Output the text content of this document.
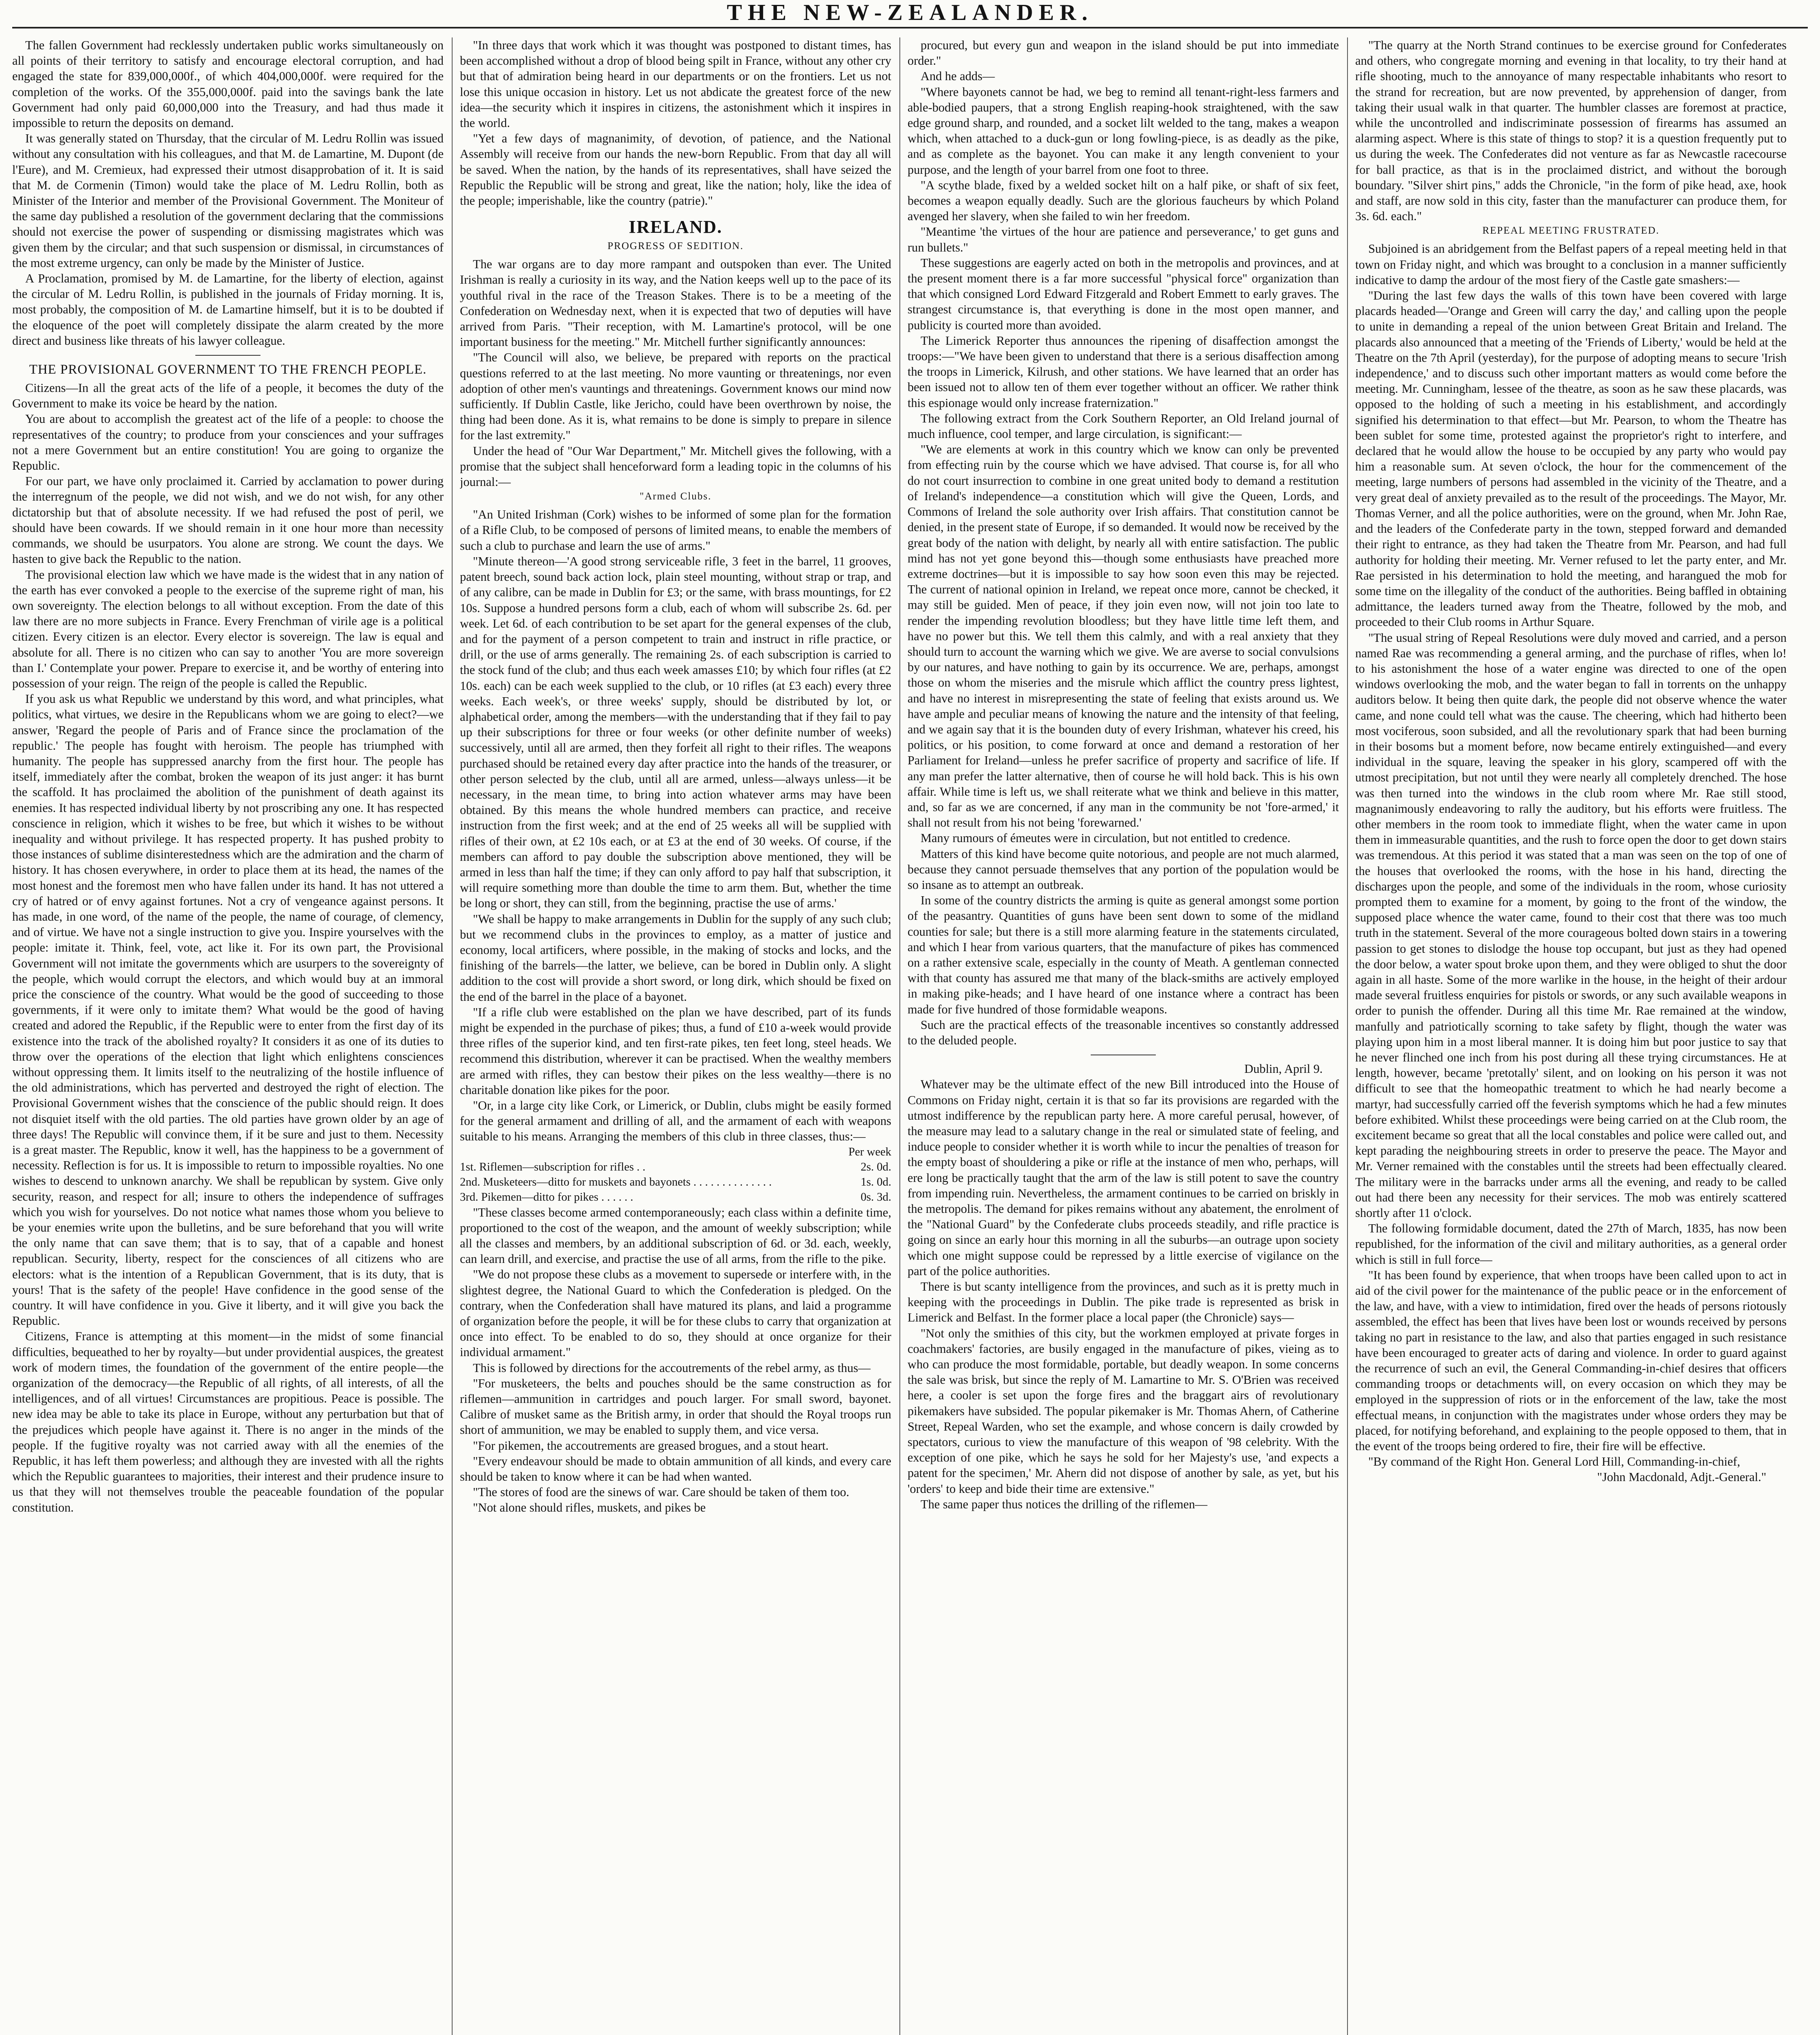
THE NEW-ZEALANDER.

The fallen Government had recklessly undertaken public works simultaneously on all points of their territory to satisfy and encourage electoral corruption, and had engaged the state for 839,000,000f., of which 404,000,000f. were required for the completion of the works. Of the 355,000,000f. paid into the savings bank the late Government had only paid 60,000,000 into the Treasury, and had thus made it impossible to return the deposits on demand.

It was generally stated on Thursday, that the circular of M. Ledru Rollin was issued without any consultation with his colleagues, and that M. de Lamartine, M. Dupont (de l'Eure), and M. Cremieux, had expressed their utmost disapprobation of it. It is said that M. de Cormenin (Timon) would take the place of M. Ledru Rollin, both as Minister of the Interior and member of the Provisional Government. The Moniteur of the same day published a resolution of the government declaring that the commissions should not exercise the power of suspending or dismissing magistrates which was given them by the circular; and that such suspension or dismissal, in circumstances of the most extreme urgency, can only be made by the Minister of Justice.

A Proclamation, promised by M. de Lamartine, for the liberty of election, against the circular of M. Ledru Rollin, is published in the journals of Friday morning. It is, most probably, the composition of M. de Lamartine himself, but it is to be doubted if the eloquence of the poet will completely dissipate the alarm created by the more direct and business like threats of his lawyer colleague.

THE PROVISIONAL GOVERNMENT TO THE FRENCH PEOPLE.

Citizens—In all the great acts of the life of a people, it becomes the duty of the Government to make its voice be heard by the nation.

You are about to accomplish the greatest act of the life of a people: to choose the representatives of the country; to produce from your consciences and your suffrages not a mere Government but an entire constitution! You are going to organize the Republic.

For our part, we have only proclaimed it. Carried by acclamation to power during the interregnum of the people, we did not wish, and we do not wish, for any other dictatorship but that of absolute necessity. If we had refused the post of peril, we should have been cowards. If we should remain in it one hour more than necessity commands, we should be usurpators. You alone are strong. We count the days. We hasten to give back the Republic to the nation.

The provisional election law which we have made is the widest that in any nation of the earth has ever convoked a people to the exercise of the supreme right of man, his own sovereignty. The election belongs to all without exception. From the date of this law there are no more subjects in France. Every Frenchman of virile age is a political citizen. Every citizen is an elector. Every elector is sovereign. The law is equal and absolute for all. There is no citizen who can say to another 'You are more sovereign than I.' Contemplate your power. Prepare to exercise it, and be worthy of entering into possession of your reign. The reign of the people is called the Republic.

If you ask us what Republic we understand by this word, and what principles, what politics, what virtues, we desire in the Republicans whom we are going to elect?—we answer, 'Regard the people of Paris and of France since the proclamation of the republic.' The people has fought with heroism. The people has triumphed with humanity. The people has suppressed anarchy from the first hour. The people has itself, immediately after the combat, broken the weapon of its just anger: it has burnt the scaffold. It has proclaimed the abolition of the punishment of death against its enemies. It has respected individual liberty by not proscribing any one. It has respected conscience in religion, which it wishes to be free, but which it wishes to be without inequality and without privilege. It has respected property. It has pushed probity to those instances of sublime disinterestedness which are the admiration and the charm of history. It has chosen everywhere, in order to place them at its head, the names of the most honest and the foremost men who have fallen under its hand. It has not uttered a cry of hatred or of envy against fortunes. Not a cry of vengeance against persons. It has made, in one word, of the name of the people, the name of courage, of clemency, and of virtue. We have not a single instruction to give you. Inspire yourselves with the people: imitate it. Think, feel, vote, act like it. For its own part, the Provisional Government will not imitate the governments which are usurpers to the sovereignty of the people, which would corrupt the electors, and which would buy at an immoral price the conscience of the country. What would be the good of succeeding to those governments, if it were only to imitate them? What would be the good of having created and adored the Republic, if the Republic were to enter from the first day of its existence into the track of the abolished royalty? It considers it as one of its duties to throw over the operations of the election that light which enlightens consciences without oppressing them. It limits itself to the neutralizing of the hostile influence of the old administrations, which has perverted and destroyed the right of election. The Provisional Government wishes that the conscience of the public should reign. It does not disquiet itself with the old parties. The old parties have grown older by an age of three days! The Republic will convince them, if it be sure and just to them. Necessity is a great master. The Republic, know it well, has the happiness to be a government of necessity. Reflection is for us. It is impossible to return to impossible royalties. No one wishes to descend to unknown anarchy. We shall be republican by system. Give only security, reason, and respect for all; insure to others the independence of suffrages which you wish for yourselves. Do not notice what names those whom you believe to be your enemies write upon the bulletins, and be sure beforehand that you will write the only name that can save them; that is to say, that of a capable and honest republican. Security, liberty, respect for the consciences of all citizens who are electors: what is the intention of a Republican Government, that is its duty, that is yours! That is the safety of the people! Have confidence in the good sense of the country. It will have confidence in you. Give it liberty, and it will give you back the Republic.

Citizens, France is attempting at this moment—in the midst of some financial difficulties, bequeathed to her by royalty—but under providential auspices, the greatest work of modern times, the foundation of the government of the entire people—the organization of the democracy—the Republic of all rights, of all interests, of all the intelligences, and of all virtues! Circumstances are propitious. Peace is possible. The new idea may be able to take its place in Europe, without any perturbation but that of the prejudices which people have against it. There is no anger in the minds of the people. If the fugitive royalty was not carried away with all the enemies of the Republic, it has left them powerless; and although they are invested with all the rights which the Republic guarantees to majorities, their interest and their prudence insure to us that they will not themselves trouble the peaceable foundation of the popular constitution.

"In three days that work which it was thought was postponed to distant times, has been accomplished without a drop of blood being spilt in France, without any other cry but that of admiration being heard in our departments or on the frontiers. Let us not lose this unique occasion in history. Let us not abdicate the greatest force of the new idea—the security which it inspires in citizens, the astonishment which it inspires in the world.

"Yet a few days of magnanimity, of devotion, of patience, and the National Assembly will receive from our hands the new-born Republic. From that day all will be saved. When the nation, by the hands of its representatives, shall have seized the Republic the Republic will be strong and great, like the nation; holy, like the idea of the people; imperishable, like the country (patrie)."

IRELAND.
PROGRESS OF SEDITION.

The war organs are to day more rampant and outspoken than ever. The United Irishman is really a curiosity in its way, and the Nation keeps well up to the pace of its youthful rival in the race of the Treason Stakes. There is to be a meeting of the Confederation on Wednesday next, when it is expected that two of deputies will have arrived from Paris. "Their reception, with M. Lamartine's protocol, will be one important business for the meeting." Mr. Mitchell further significantly announces:

"The Council will also, we believe, be prepared with reports on the practical questions referred to at the last meeting. No more vaunting or threatenings, nor even adoption of other men's vauntings and threatenings. Government knows our mind now sufficiently. If Dublin Castle, like Jericho, could have been overthrown by noise, the thing had been done. As it is, what remains to be done is simply to prepare in silence for the last extremity."

Under the head of "Our War Department," Mr. Mitchell gives the following, with a promise that the subject shall henceforward form a leading topic in the columns of his journal:—

"Armed Clubs.

"An United Irishman (Cork) wishes to be informed of some plan for the formation of a Rifle Club, to be composed of persons of limited means, to enable the members of such a club to purchase and learn the use of arms."

"Minute thereon—'A good strong serviceable rifle, 3 feet in the barrel, 11 grooves, patent breech, sound back action lock, plain steel mounting, without strap or trap, and of any calibre, can be made in Dublin for £3; or the same, with brass mountings, for £2 10s. Suppose a hundred persons form a club, each of whom will subscribe 2s. 6d. per week. Let 6d. of each contribution to be set apart for the general expenses of the club, and for the payment of a person competent to train and instruct in rifle practice, or drill, or the use of arms generally. The remaining 2s. of each subscription is carried to the stock fund of the club; and thus each week amasses £10; by which four rifles (at £2 10s. each) can be each week supplied to the club, or 10 rifles (at £3 each) every three weeks. Each week's, or three weeks' supply, should be distributed by lot, or alphabetical order, among the members—with the understanding that if they fail to pay up their subscriptions for three or four weeks (or other definite number of weeks) successively, until all are armed, then they forfeit all right to their rifles. The weapons purchased should be retained every day after practice into the hands of the treasurer, or other person selected by the club, until all are armed, unless—always unless—it be necessary, in the mean time, to bring into action whatever arms may have been obtained. By this means the whole hundred members can practice, and receive instruction from the first week; and at the end of 25 weeks all will be supplied with rifles of their own, at £2 10s each, or at £3 at the end of 30 weeks. Of course, if the members can afford to pay double the subscription above mentioned, they will be armed in less than half the time; if they can only afford to pay half that subscription, it will require something more than double the time to arm them. But, whether the time be long or short, they can still, from the beginning, practise the use of arms.'

"We shall be happy to make arrangements in Dublin for the supply of any such club; but we recommend clubs in the provinces to employ, as a matter of justice and economy, local artificers, where possible, in the making of stocks and locks, and the finishing of the barrels—the latter, we believe, can be bored in Dublin only. A slight addition to the cost will provide a short sword, or long dirk, which should be fixed on the end of the barrel in the place of a bayonet.

"If a rifle club were established on the plan we have described, part of its funds might be expended in the purchase of pikes; thus, a fund of £10 a-week would provide three rifles of the superior kind, and ten first-rate pikes, ten feet long, steel heads. We recommend this distribution, wherever it can be practised. When the wealthy members are armed with rifles, they can bestow their pikes on the less wealthy—there is no charitable donation like pikes for the poor.

"Or, in a large city like Cork, or Limerick, or Dublin, clubs might be easily formed for the general armament and drilling of all, and the armament of each with weapons suitable to his means. Arranging the members of this club in three classes, thus:—

	Per week
1st. Riflemen—subscription for rifles . .	2s. 0d.
2nd. Musketeers—ditto for muskets and bayonets . . . . . . . . . . . . . .	1s. 0d.
3rd. Pikemen—ditto for pikes . . . . . .	0s. 3d.

"These classes become armed contemporaneously; each class within a definite time, proportioned to the cost of the weapon, and the amount of weekly subscription; while all the classes and members, by an additional subscription of 6d. or 3d. each, weekly, can learn drill, and exercise, and practise the use of all arms, from the rifle to the pike.

"We do not propose these clubs as a movement to supersede or interfere with, in the slightest degree, the National Guard to which the Confederation is pledged. On the contrary, when the Confederation shall have matured its plans, and laid a programme of organization before the people, it will be for these clubs to carry that organization at once into effect. To be enabled to do so, they should at once organize for their individual armament."

This is followed by directions for the accoutrements of the rebel army, as thus—

"For musketeers, the belts and pouches should be the same construction as for riflemen—ammunition in cartridges and pouch larger. For small sword, bayonet. Calibre of musket same as the British army, in order that should the Royal troops run short of ammunition, we may be enabled to supply them, and vice versa.

"For pikemen, the accoutrements are greased brogues, and a stout heart.

"Every endeavour should be made to obtain ammunition of all kinds, and every care should be taken to know where it can be had when wanted.

"The stores of food are the sinews of war. Care should be taken of them too.

"Not alone should rifles, muskets, and pikes be

procured, but every gun and weapon in the island should be put into immediate order."

And he adds—

"Where bayonets cannot be had, we beg to remind all tenant-right-less farmers and able-bodied paupers, that a strong English reaping-hook straightened, with the saw edge ground sharp, and rounded, and a socket lilt welded to the tang, makes a weapon which, when attached to a duck-gun or long fowling-piece, is as deadly as the pike, and as complete as the bayonet. You can make it any length convenient to your purpose, and the length of your barrel from one foot to three.

"A scythe blade, fixed by a welded socket hilt on a half pike, or shaft of six feet, becomes a weapon equally deadly. Such are the glorious faucheurs by which Poland avenged her slavery, when she failed to win her freedom.

"Meantime 'the virtues of the hour are patience and perseverance,' to get guns and run bullets."

These suggestions are eagerly acted on both in the metropolis and provinces, and at the present moment there is a far more successful "physical force" organization than that which consigned Lord Edward Fitzgerald and Robert Emmett to early graves. The strangest circumstance is, that everything is done in the most open manner, and publicity is courted more than avoided.

The Limerick Reporter thus announces the ripening of disaffection amongst the troops:—"We have been given to understand that there is a serious disaffection among the troops in Limerick, Kilrush, and other stations. We have learned that an order has been issued not to allow ten of them ever together without an officer. We rather think this espionage would only increase fraternization."

The following extract from the Cork Southern Reporter, an Old Ireland journal of much influence, cool temper, and large circulation, is significant:—

"We are elements at work in this country which we know can only be prevented from effecting ruin by the course which we have advised. That course is, for all who do not court insurrection to combine in one great united body to demand a restitution of Ireland's independence—a constitution which will give the Queen, Lords, and Commons of Ireland the sole authority over Irish affairs. That constitution cannot be denied, in the present state of Europe, if so demanded. It would now be received by the great body of the nation with delight, by nearly all with entire satisfaction. The public mind has not yet gone beyond this—though some enthusiasts have preached more extreme doctrines—but it is impossible to say how soon even this may be rejected. The current of national opinion in Ireland, we repeat once more, cannot be checked, it may still be guided. Men of peace, if they join even now, will not join too late to render the impending revolution bloodless; but they have little time left them, and have no power but this. We tell them this calmly, and with a real anxiety that they should turn to account the warning which we give. We are averse to social convulsions by our natures, and have nothing to gain by its occurrence. We are, perhaps, amongst those on whom the miseries and the misrule which afflict the country press lightest, and have no interest in misrepresenting the state of feeling that exists around us. We have ample and peculiar means of knowing the nature and the intensity of that feeling, and we again say that it is the bounden duty of every Irishman, whatever his creed, his politics, or his position, to come forward at once and demand a restoration of her Parliament for Ireland—unless he prefer sacrifice of property and sacrifice of life. If any man prefer the latter alternative, then of course he will hold back. This is his own affair. While time is left us, we shall reiterate what we think and believe in this matter, and, so far as we are concerned, if any man in the community be not 'fore-armed,' it shall not result from his not being 'forewarned.'

Many rumours of émeutes were in circulation, but not entitled to credence.

Matters of this kind have become quite notorious, and people are not much alarmed, because they cannot persuade themselves that any portion of the population would be so insane as to attempt an outbreak.

In some of the country districts the arming is quite as general amongst some portion of the peasantry. Quantities of guns have been sent down to some of the midland counties for sale; but there is a still more alarming feature in the statements circulated, and which I hear from various quarters, that the manufacture of pikes has commenced on a rather extensive scale, especially in the county of Meath. A gentleman connected with that county has assured me that many of the black-smiths are actively employed in making pike-heads; and I have heard of one instance where a contract has been made for five hundred of those formidable weapons.

Such are the practical effects of the treasonable incentives so constantly addressed to the deluded people.

Dublin, April 9.

Whatever may be the ultimate effect of the new Bill introduced into the House of Commons on Friday night, certain it is that so far its provisions are regarded with the utmost indifference by the republican party here. A more careful perusal, however, of the measure may lead to a salutary change in the real or simulated state of feeling, and induce people to consider whether it is worth while to incur the penalties of treason for the empty boast of shouldering a pike or rifle at the instance of men who, perhaps, will ere long be practically taught that the arm of the law is still potent to save the country from impending ruin. Nevertheless, the armament continues to be carried on briskly in the metropolis. The demand for pikes remains without any abatement, the enrolment of the "National Guard" by the Confederate clubs proceeds steadily, and rifle practice is going on since an early hour this morning in all the suburbs—an outrage upon society which one might suppose could be repressed by a little exercise of vigilance on the part of the police authorities.

There is but scanty intelligence from the provinces, and such as it is pretty much in keeping with the proceedings in Dublin. The pike trade is represented as brisk in Limerick and Belfast. In the former place a local paper (the Chronicle) says—

"Not only the smithies of this city, but the workmen employed at private forges in coachmakers' factories, are busily engaged in the manufacture of pikes, vieing as to who can produce the most formidable, portable, but deadly weapon. In some concerns the sale was brisk, but since the reply of M. Lamartine to Mr. S. O'Brien was received here, a cooler is set upon the forge fires and the braggart airs of revolutionary pikemakers have subsided. The popular pikemaker is Mr. Thomas Ahern, of Catherine Street, Repeal Warden, who set the example, and whose concern is daily crowded by spectators, curious to view the manufacture of this weapon of '98 celebrity. With the exception of one pike, which he says he sold for her Majesty's use, 'and expects a patent for the specimen,' Mr. Ahern did not dispose of another by sale, as yet, but his 'orders' to keep and bide their time are extensive."

The same paper thus notices the drilling of the riflemen—

"The quarry at the North Strand continues to be exercise ground for Confederates and others, who congregate morning and evening in that locality, to try their hand at rifle shooting, much to the annoyance of many respectable inhabitants who resort to the strand for recreation, but are now prevented, by apprehension of danger, from taking their usual walk in that quarter. The humbler classes are foremost at practice, while the uncontrolled and indiscriminate possession of firearms has assumed an alarming aspect. Where is this state of things to stop? it is a question frequently put to us during the week. The Confederates did not venture as far as Newcastle racecourse for ball practice, as that is in the proclaimed district, and without the borough boundary. "Silver shirt pins," adds the Chronicle, "in the form of pike head, axe, hook and staff, are now sold in this city, faster than the manufacturer can produce them, for 3s. 6d. each."

REPEAL MEETING FRUSTRATED.

Subjoined is an abridgement from the Belfast papers of a repeal meeting held in that town on Friday night, and which was brought to a conclusion in a manner sufficiently indicative to damp the ardour of the most fiery of the Castle gate smashers:—

"During the last few days the walls of this town have been covered with large placards headed—'Orange and Green will carry the day,' and calling upon the people to unite in demanding a repeal of the union between Great Britain and Ireland. The placards also announced that a meeting of the 'Friends of Liberty,' would be held at the Theatre on the 7th April (yesterday), for the purpose of adopting means to secure 'Irish independence,' and to discuss such other important matters as would come before the meeting. Mr. Cunningham, lessee of the theatre, as soon as he saw these placards, was opposed to the holding of such a meeting in his establishment, and accordingly signified his determination to that effect—but Mr. Pearson, to whom the Theatre has been sublet for some time, protested against the proprietor's right to interfere, and declared that he would allow the house to be occupied by any party who would pay him a reasonable sum. At seven o'clock, the hour for the commencement of the meeting, large numbers of persons had assembled in the vicinity of the Theatre, and a very great deal of anxiety prevailed as to the result of the proceedings. The Mayor, Mr. Thomas Verner, and all the police authorities, were on the ground, when Mr. John Rae, and the leaders of the Confederate party in the town, stepped forward and demanded their right to entrance, as they had taken the Theatre from Mr. Pearson, and had full authority for holding their meeting. Mr. Verner refused to let the party enter, and Mr. Rae persisted in his determination to hold the meeting, and harangued the mob for some time on the illegality of the conduct of the authorities. Being baffled in obtaining admittance, the leaders turned away from the Theatre, followed by the mob, and proceeded to their Club rooms in Arthur Square.

"The usual string of Repeal Resolutions were duly moved and carried, and a person named Rae was recommending a general arming, and the purchase of rifles, when lo! to his astonishment the hose of a water engine was directed to one of the open windows overlooking the mob, and the water began to fall in torrents on the unhappy auditors below. It being then quite dark, the people did not observe whence the water came, and none could tell what was the cause. The cheering, which had hitherto been most vociferous, soon subsided, and all the revolutionary spark that had been burning in their bosoms but a moment before, now became entirely extinguished—and every individual in the square, leaving the speaker in his glory, scampered off with the utmost precipitation, but not until they were nearly all completely drenched. The hose was then turned into the windows in the club room where Mr. Rae still stood, magnanimously endeavoring to rally the auditory, but his efforts were fruitless. The other members in the room took to immediate flight, when the water came in upon them in immeasurable quantities, and the rush to force open the door to get down stairs was tremendous. At this period it was stated that a man was seen on the top of one of the houses that overlooked the rooms, with the hose in his hand, directing the discharges upon the people, and some of the individuals in the room, whose curiosity prompted them to examine for a moment, by going to the front of the window, the supposed place whence the water came, found to their cost that there was too much truth in the statement. Several of the more courageous bolted down stairs in a towering passion to get stones to dislodge the house top occupant, but just as they had opened the door below, a water spout broke upon them, and they were obliged to shut the door again in all haste. Some of the more warlike in the house, in the height of their ardour made several fruitless enquiries for pistols or swords, or any such available weapons in order to punish the offender. During all this time Mr. Rae remained at the window, manfully and patriotically scorning to take safety by flight, though the water was playing upon him in a most liberal manner. It is doing him but poor justice to say that he never flinched one inch from his post during all these trying circumstances. He at length, however, became 'pretotally' silent, and on looking on his person it was not difficult to see that the homeopathic treatment to which he had nearly become a martyr, had successfully carried off the feverish symptoms which he had a few minutes before exhibited. Whilst these proceedings were being carried on at the Club room, the excitement became so great that all the local constables and police were called out, and kept parading the neighbouring streets in order to preserve the peace. The Mayor and Mr. Verner remained with the constables until the streets had been effectually cleared. The military were in the barracks under arms all the evening, and ready to be called out had there been any necessity for their services. The mob was entirely scattered shortly after 11 o'clock.

The following formidable document, dated the 27th of March, 1835, has now been republished, for the information of the civil and military authorities, as a general order which is still in full force—

"It has been found by experience, that when troops have been called upon to act in aid of the civil power for the maintenance of the public peace or in the enforcement of the law, and have, with a view to intimidation, fired over the heads of persons riotously assembled, the effect has been that lives have been lost or wounds received by persons taking no part in resistance to the law, and also that parties engaged in such resistance have been encouraged to greater acts of daring and violence. In order to guard against the recurrence of such an evil, the General Commanding-in-chief desires that officers commanding troops or detachments will, on every occasion on which they may be employed in the suppression of riots or in the enforcement of the law, take the most effectual means, in conjunction with the magistrates under whose orders they may be placed, for notifying beforehand, and explaining to the people opposed to them, that in the event of the troops being ordered to fire, their fire will be effective.

"By command of the Right Hon. General Lord Hill, Commanding-in-chief,

"John Macdonald, Adjt.-General."
